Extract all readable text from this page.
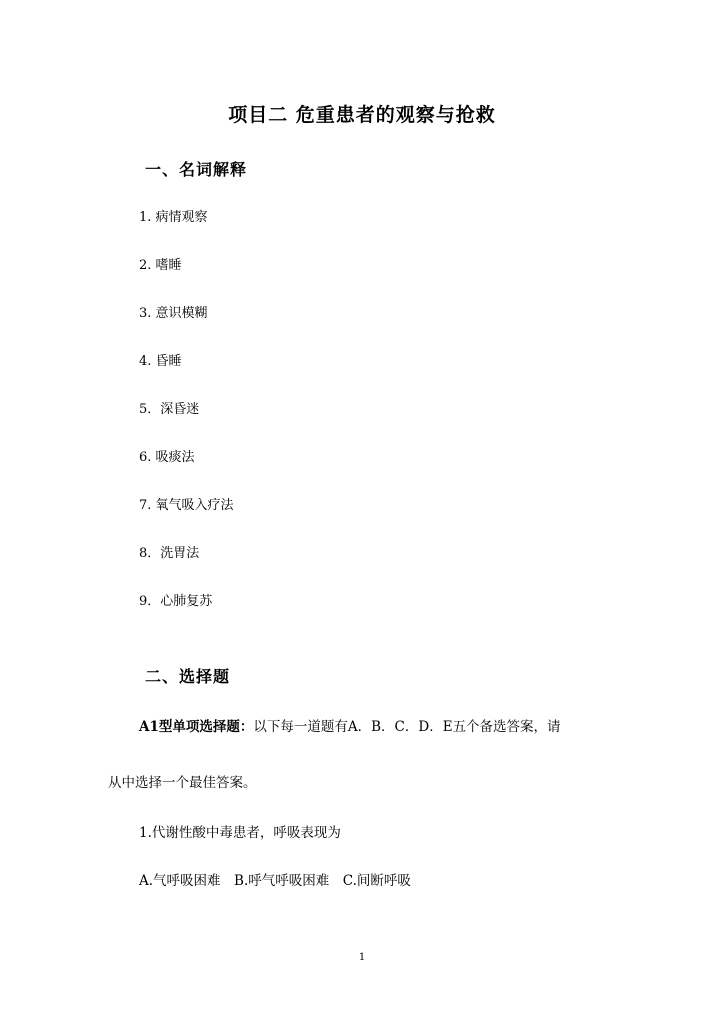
项目二 危重患者的观察与抢救
一、名词解释
1. 病情观察
2. 嗜睡
3. 意识模糊
4. 昏睡
5．深昏迷
6. 吸痰法
7. 氧气吸入疗法
8．洗胃法
9．心肺复苏
二、选择题
A1型单项选择题：以下每一道题有A．B．C．D．E五个备选答案，请
从中选择一个最佳答案。
1.代谢性酸中毒患者，呼吸表现为
A.气呼吸困难　B.呼气呼吸困难　C.间断呼吸
1
